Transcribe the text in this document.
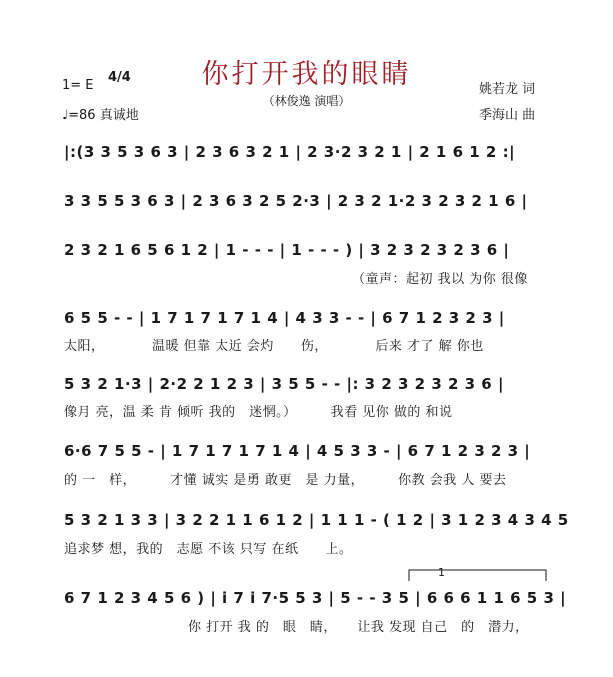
你打开我的眼睛
（林俊逸 演唱）
1= E
4/4
♩=86 真诚地
姚若龙 词
季海山 曲
|:(3 3 5 3 6 3 | 2 3 6 3 2 1 | 2 3·2 3 2 1 | 2 1 6 1 2 :|
3 3 5 5 3 6 3 | 2 3 6 3 2 5 2·3 | 2 3 2 1·2 3 2 3 2 1 6 |
2 3 2 1 6 5 6 1 2 | 1 - - - | 1 - - - ) | 3 2 3 2 3 2 3 6 |
（童声：起初 我以 为你 很像
6 5 5 - - | 1 7 1 7 1 7 1 4 | 4 3 3 - - | 6 7 1 2 3 2 3 |
太阳，　　　　温暖 但靠 太近 会灼　　伤，　　　　后来 才了 解 你也
5 3 2 1·3 | 2·2 2 1 2 3 | 3 5 5 - - |: 3 2 3 2 3 2 3 6 |
像月 亮，温 柔 肯 倾听 我的　迷惘。）　　　我看 见你 做的 和说
6·6 7 5 5 - | 1 7 1 7 1 7 1 4 | 4 5 3 3 - | 6 7 1 2 3 2 3 |
的 一　样，　　　才懂 诚实 是勇 敢更　是 力量，　　　你教 会我 人 要去
5 3 2 1 3 3 | 3 2 2 1 1 6 1 2 | 1 1 1 - ( 1 2 | 3 1 2 3 4 3 4 5
追求梦 想，我的　志愿 不该 只写 在纸　　上。
6 7 1 2 3 4 5 6 ) | i 7 i 7·5 5 3 | 5 - - 3 5 | 6 6 6 1 1 6 5 3 |
你 打开 我 的　眼　睛，　　让我 发现 自己　的　潜力，
1
